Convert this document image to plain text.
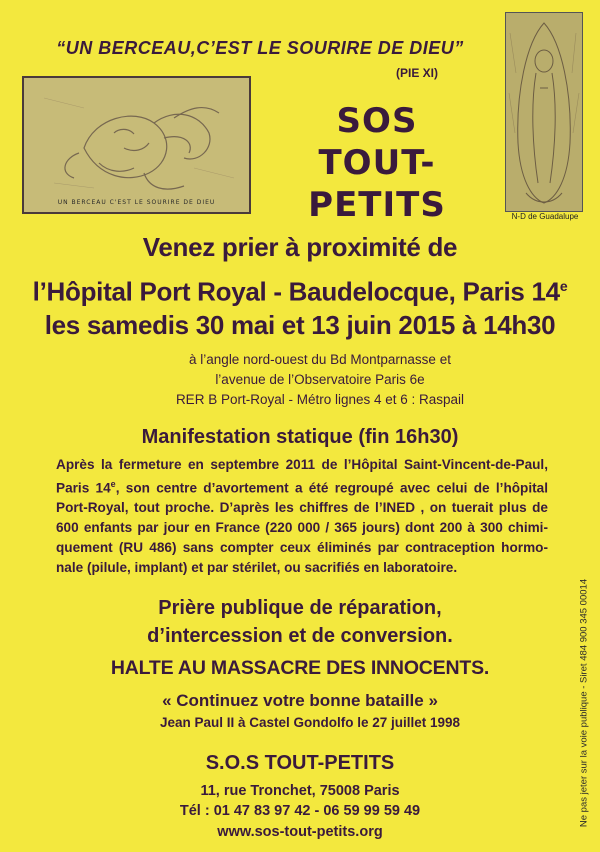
“UN BERCEAU,C’EST LE SOURIRE DE DIEU”
(PIE XI)
UN BERCEAU C'EST LE SOURIRE DE DIEU
SOS
TOUT-PETITS	N-D de Guadalupe
Venez prier à proximité de
l’Hôpital Port Royal - Baudelocque, Paris 14e
les samedis 30 mai et 13 juin 2015 à 14h30
à l’angle nord-ouest du Bd Montparnasse et
l’avenue de l’Observatoire Paris 6e
RER B Port-Royal - Métro lignes 4 et 6 : Raspail
Manifestation statique (fin 16h30)
Après la fermeture en septembre 2011 de l’Hôpital Saint-Vincent-de-Paul, Paris 14e, son centre d’avortement a été regroupé avec celui de l’hôpital Port-Royal, tout proche. D’après les chiffres de l’INED , on tuerait plus de 600 enfants par jour en France (220 000 / 365 jours) dont 200 à 300 chimi-quement (RU 486) sans compter ceux éliminés par contraception hormo-nale (pilule, implant) et par stérilet, ou sacrifiés en laboratoire.
Prière publique de réparation,
d’intercession et de conversion.
HALTE AU MASSACRE DES INNOCENTS.
« Continuez votre bonne bataille »
Jean Paul II à Castel Gondolfo le 27 juillet 1998
S.O.S TOUT-PETITS
11, rue Tronchet, 75008 Paris
Tél : 01 47 83 97 42 - 06 59 99 59 49
www.sos-tout-petits.org
Ne pas jeter sur la voie publique - Siret 484 900 345 00014
